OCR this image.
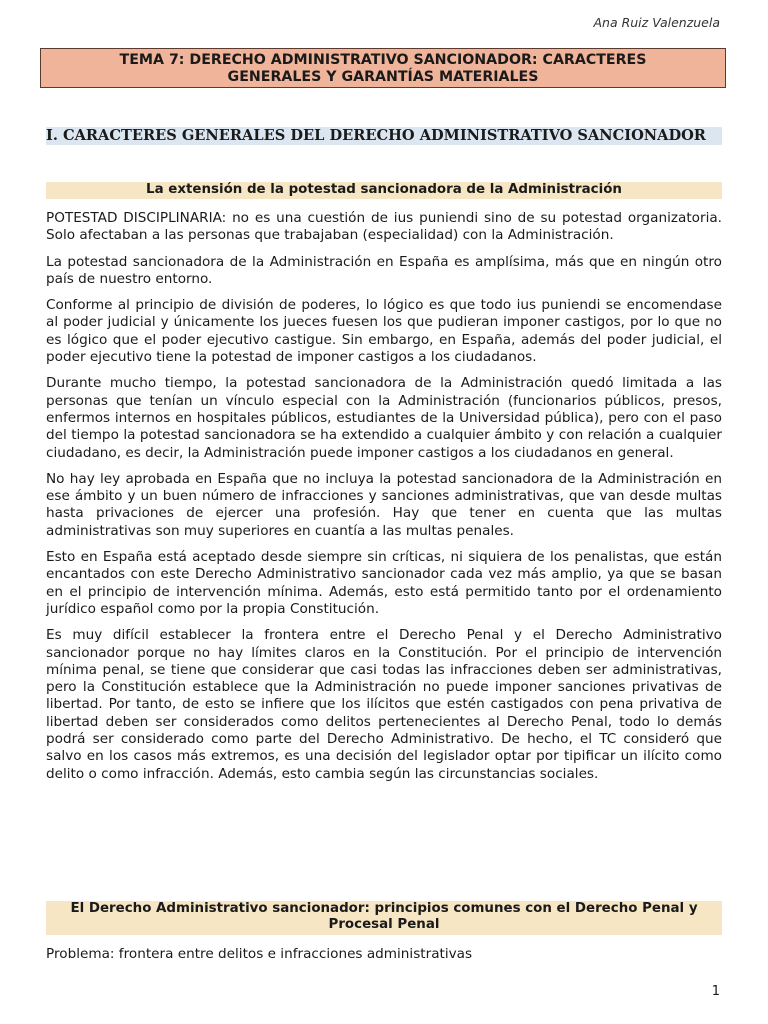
Ana Ruiz Valenzuela
TEMA 7: DERECHO ADMINISTRATIVO SANCIONADOR: CARACTERES
GENERALES Y GARANTÍAS MATERIALES
I. CARACTERES GENERALES DEL DERECHO ADMINISTRATIVO SANCIONADOR
La extensión de la potestad sancionadora de la Administración

POTESTAD DISCIPLINARIA: no es una cuestión de ius puniendi sino de su potestad organizatoria. Solo afectaban a las personas que trabajaban (especialidad) con la Administración.

La potestad sancionadora de la Administración en España es amplísima, más que en ningún otro país de nuestro entorno.

Conforme al principio de división de poderes, lo lógico es que todo ius puniendi se encomendase al poder judicial y únicamente los jueces fuesen los que pudieran imponer castigos, por lo que no es lógico que el poder ejecutivo castigue. Sin embargo, en España, además del poder judicial, el poder ejecutivo tiene la potestad de imponer castigos a los ciudadanos.

Durante mucho tiempo, la potestad sancionadora de la Administración quedó limitada a las personas que tenían un vínculo especial con la Administración (funcionarios públicos, presos, enfermos internos en hospitales públicos, estudiantes de la Universidad pública), pero con el paso del tiempo la potestad sancionadora se ha extendido a cualquier ámbito y con relación a cualquier ciudadano, es decir, la Administración puede imponer castigos a los ciudadanos en general.

No hay ley aprobada en España que no incluya la potestad sancionadora de la Administración en ese ámbito y un buen número de infracciones y sanciones administrativas, que van desde multas hasta privaciones de ejercer una profesión. Hay que tener en cuenta que las multas administrativas son muy superiores en cuantía a las multas penales.

Esto en España está aceptado desde siempre sin críticas, ni siquiera de los penalistas, que están encantados con este Derecho Administrativo sancionador cada vez más amplio, ya que se basan en el principio de intervención mínima. Además, esto está permitido tanto por el ordenamiento jurídico español como por la propia Constitución.

Es muy difícil establecer la frontera entre el Derecho Penal y el Derecho Administrativo sancionador porque no hay límites claros en la Constitución. Por el principio de intervención mínima penal, se tiene que considerar que casi todas las infracciones deben ser administrativas, pero la Constitución establece que la Administración no puede imponer sanciones privativas de libertad. Por tanto, de esto se infiere que los ilícitos que estén castigados con pena privativa de libertad deben ser considerados como delitos pertenecientes al Derecho Penal, todo lo demás podrá ser considerado como parte del Derecho Administrativo. De hecho, el TC consideró que salvo en los casos más extremos, es una decisión del legislador optar por tipificar un ilícito como delito o como infracción. Además, esto cambia según las circunstancias sociales.

El Derecho Administrativo sancionador: principios comunes con el Derecho Penal y
Procesal Penal
Problema: frontera entre delitos e infracciones administrativas
1
